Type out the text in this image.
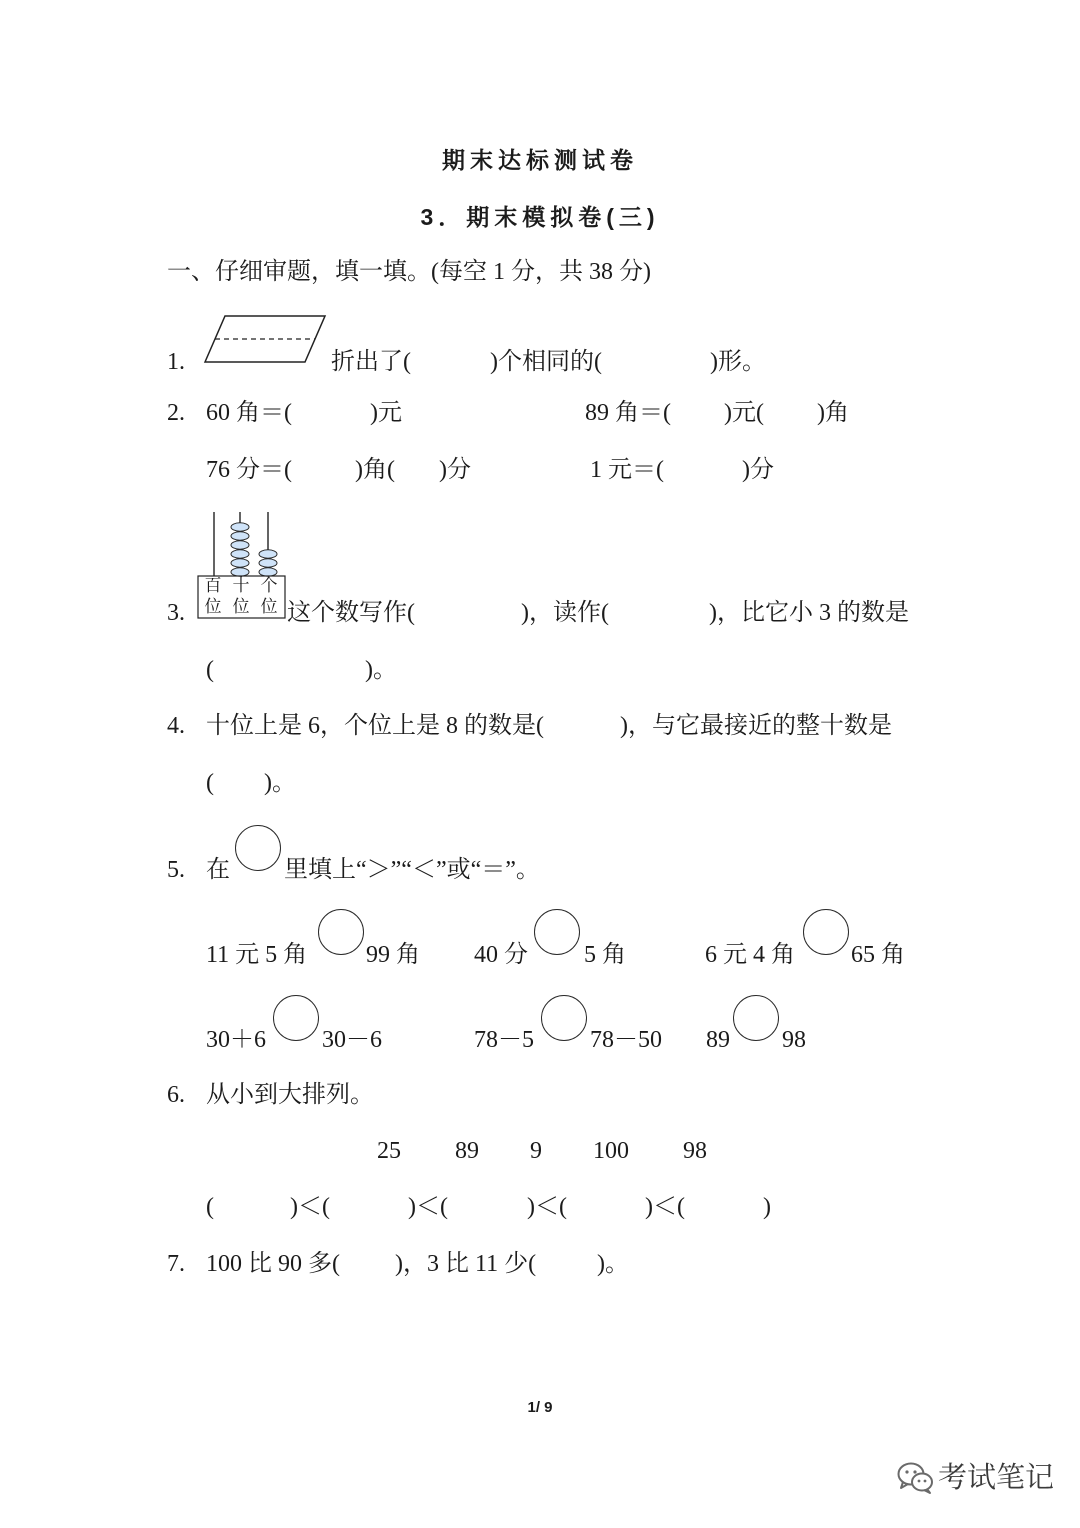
期末达标测试卷
3．期末模拟卷(三)
一、仔细审题，填一填。(每空 1 分，共 38 分)
1.	折出了(	)个相同的(	)形。
2. 60 角＝(	)元	89 角＝( )元( )角
76 分＝(	)角( )分	1 元＝(	)分
百 十 个
位 位 位
3.	这个数写作(	)，读作(	)，比它小 3 的数是
(	)。
4. 十位上是 6，个位上是 8 的数是(	)，与它最接近的整十数是
( )。
5. 在 里填上“＞”“＜”或“＝”。
11 元 5 角 99 角 40 分 5 角	6 元 4 角 65 角
30＋6 30－6	78－5 78－50 89 98
6. 从小到大排列。
25 89 9 100 98
(	)＜(	)＜(	)＜(	)＜(	)
7. 100 比 90 多( )，3 比 11 少(	)。
1/ 9
考试笔记
